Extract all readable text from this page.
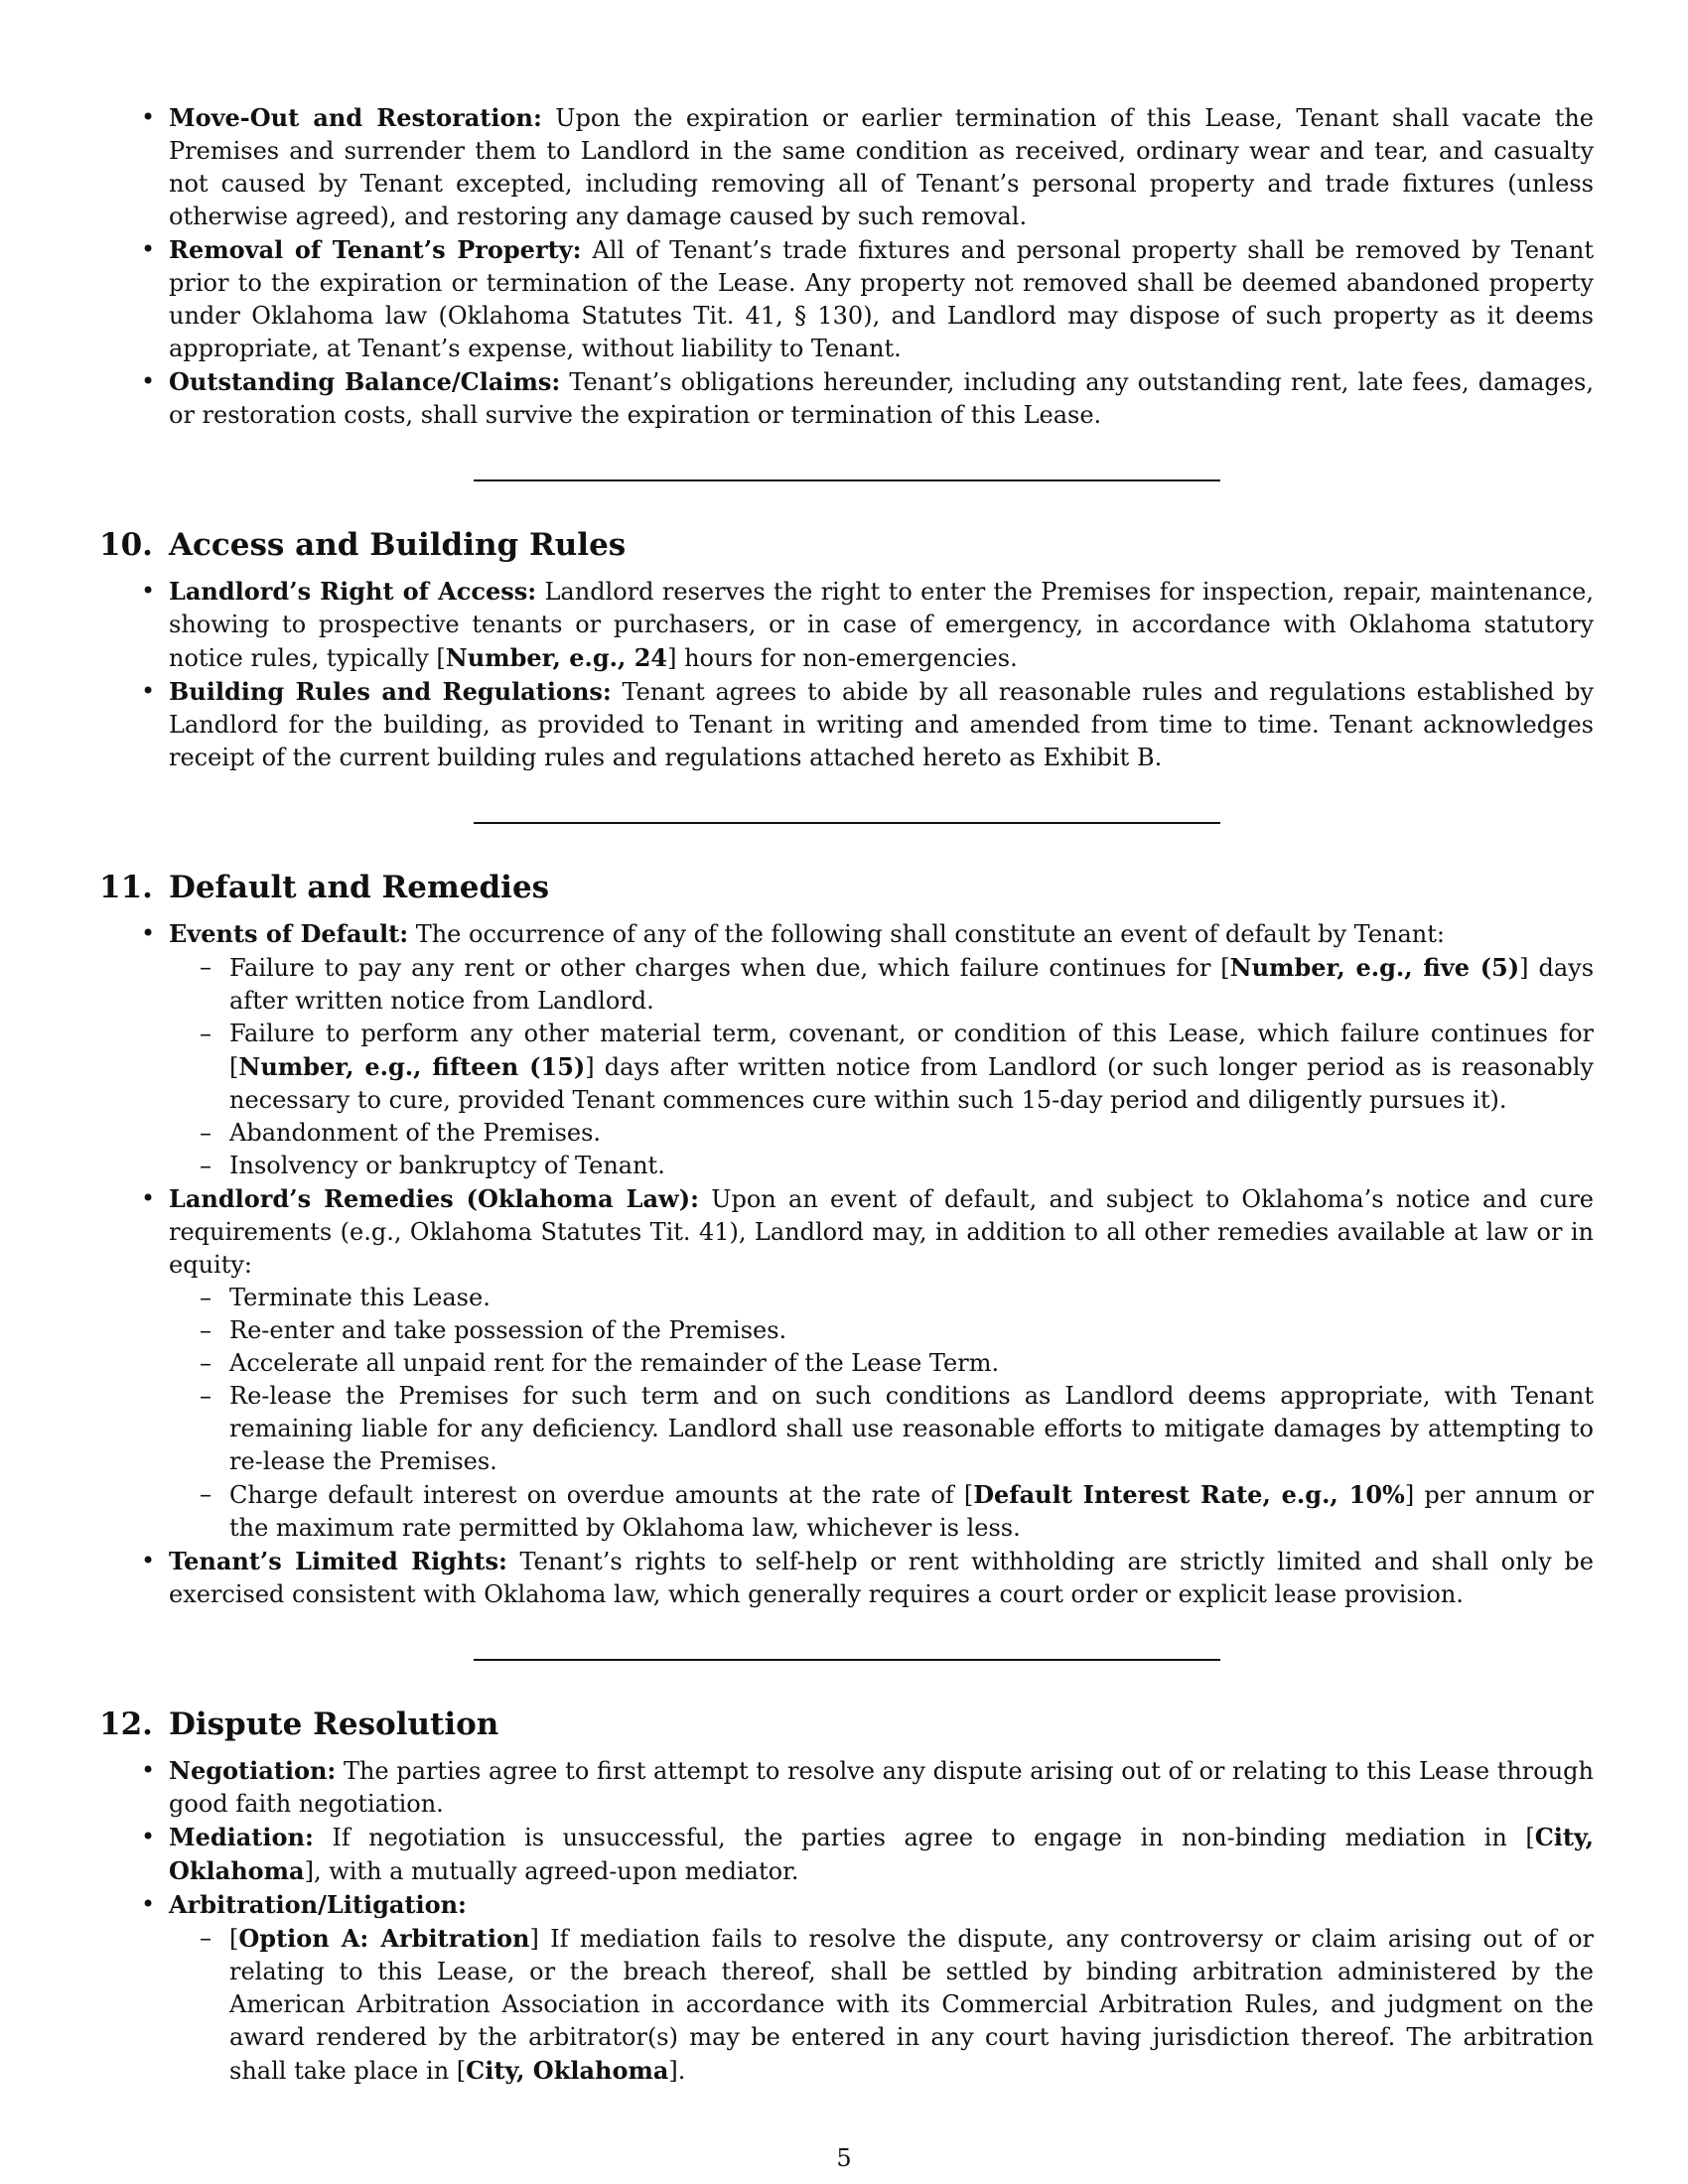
• Move-Out and Restoration: Upon the expiration or earlier termination of this Lease, Tenant shall vacate the Premises and surrender them to Landlord in the same condition as received, ordinary wear and tear, and casualty not caused by Tenant excepted, including removing all of Tenant’s personal property and trade fixtures (unless otherwise agreed), and restoring any damage caused by such removal.
• Removal of Tenant’s Property: All of Tenant’s trade fixtures and personal property shall be removed by Tenant prior to the expiration or termination of the Lease. Any property not removed shall be deemed abandoned property under Oklahoma law (Oklahoma Statutes Tit. 41, § 130), and Landlord may dispose of such property as it deems appropriate, at Tenant’s expense, without liability to Tenant.
• Outstanding Balance/Claims: Tenant’s obligations hereunder, including any outstanding rent, late fees, damages, or restoration costs, shall survive the expiration or termination of this Lease.
10. Access and Building Rules
• Landlord’s Right of Access: Landlord reserves the right to enter the Premises for inspection, repair, maintenance, showing to prospective tenants or purchasers, or in case of emergency, in accordance with Oklahoma statutory notice rules, typically [Number, e.g., 24] hours for non-emergencies.
• Building Rules and Regulations: Tenant agrees to abide by all reasonable rules and regulations established by Landlord for the building, as provided to Tenant in writing and amended from time to time. Tenant acknowledges receipt of the current building rules and regulations attached hereto as Exhibit B.
11. Default and Remedies
• Events of Default: The occurrence of any of the following shall constitute an event of default by Tenant:
– Failure to pay any rent or other charges when due, which failure continues for [Number, e.g., five (5)] days after written notice from Landlord.
– Failure to perform any other material term, covenant, or condition of this Lease, which failure continues for [Number, e.g., fifteen (15)] days after written notice from Landlord (or such longer period as is reasonably necessary to cure, provided Tenant commences cure within such 15-day period and diligently pursues it).
– Abandonment of the Premises.
– Insolvency or bankruptcy of Tenant.
• Landlord’s Remedies (Oklahoma Law): Upon an event of default, and subject to Oklahoma’s notice and cure requirements (e.g., Oklahoma Statutes Tit. 41), Landlord may, in addition to all other remedies available at law or in equity:
– Terminate this Lease.
– Re-enter and take possession of the Premises.
– Accelerate all unpaid rent for the remainder of the Lease Term.
– Re-lease the Premises for such term and on such conditions as Landlord deems appropriate, with Tenant remaining liable for any deficiency. Landlord shall use reasonable efforts to mitigate damages by attempting to re-lease the Premises.
– Charge default interest on overdue amounts at the rate of [Default Interest Rate, e.g., 10%] per annum or the maximum rate permitted by Oklahoma law, whichever is less.
• Tenant’s Limited Rights: Tenant’s rights to self-help or rent withholding are strictly limited and shall only be exercised consistent with Oklahoma law, which generally requires a court order or explicit lease provision.
12. Dispute Resolution
• Negotiation: The parties agree to first attempt to resolve any dispute arising out of or relating to this Lease through good faith negotiation.
• Mediation: If negotiation is unsuccessful, the parties agree to engage in non-binding mediation in [City, Oklahoma], with a mutually agreed-upon mediator.
• Arbitration/Litigation:
– [Option A: Arbitration] If mediation fails to resolve the dispute, any controversy or claim arising out of or relating to this Lease, or the breach thereof, shall be settled by binding arbitration administered by the American Arbitration Association in accordance with its Commercial Arbitration Rules, and judgment on the award rendered by the arbitrator(s) may be entered in any court having jurisdiction thereof. The arbitration shall take place in [City, Oklahoma].
5
